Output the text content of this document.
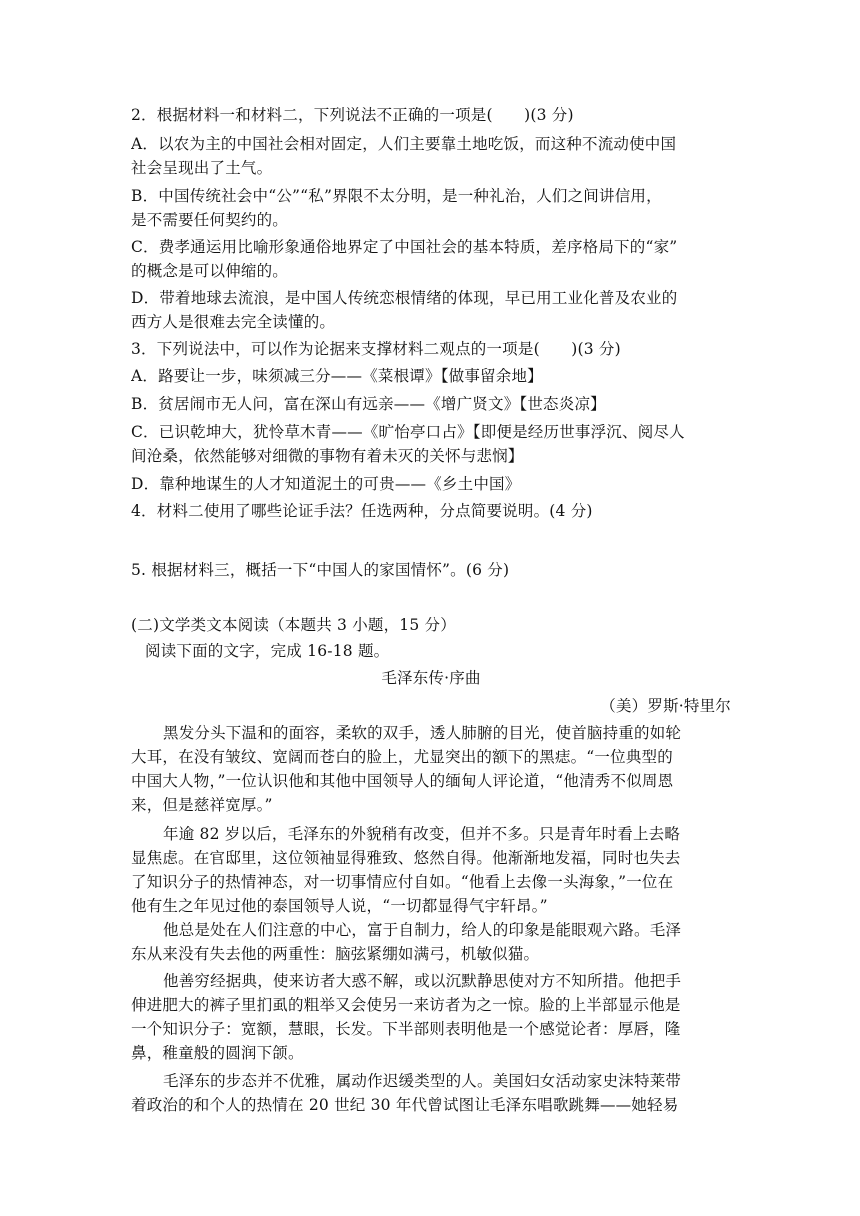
2．根据材料一和材料二，下列说法不正确的一项是(　　)(3 分)
A．以农为主的中国社会相对固定，人们主要靠土地吃饭，而这种不流动使中国
社会呈现出了土气。
B．中国传统社会中“公”“私”界限不太分明，是一种礼治，人们之间讲信用，
是不需要任何契约的。
C．费孝通运用比喻形象通俗地界定了中国社会的基本特质，差序格局下的“家”
的概念是可以伸缩的。
D．带着地球去流浪，是中国人传统恋根情绪的体现，早已用工业化普及农业的
西方人是很难去完全读懂的。
3．下列说法中，可以作为论据来支撑材料二观点的一项是(　　)(3 分)
A．路要让一步，味须减三分——《菜根谭》【做事留余地】
B．贫居闹市无人问，富在深山有远亲——《增广贤文》【世态炎凉】
C．已识乾坤大，犹怜草木青——《旷怡亭口占》【即便是经历世事浮沉、阅尽人
间沧桑，依然能够对细微的事物有着未灭的关怀与悲悯】
D．靠种地谋生的人才知道泥土的可贵——《乡土中国》
4．材料二使用了哪些论证手法？任选两种，分点简要说明。(4 分)
5. 根据材料三，概括一下“中国人的家国情怀”。(6 分)
(二)文学类文本阅读（本题共 3 小题，15 分）
阅读下面的文字，完成 16-18 题。
毛泽东传·序曲
（美）罗斯·特里尔
黑发分头下温和的面容，柔软的双手，透人肺腑的目光，使首脑持重的如轮
大耳，在没有皱纹、宽阔而苍白的脸上，尤显突出的额下的黑痣。“一位典型的
中国大人物，”一位认识他和其他中国领导人的缅甸人评论道，“他清秀不似周恩
来，但是慈祥宽厚。”
年逾 82 岁以后，毛泽东的外貌稍有改变，但并不多。只是青年时看上去略
显焦虑。在官邸里，这位领袖显得雅致、悠然自得。他渐渐地发福，同时也失去
了知识分子的热情神态，对一切事情应付自如。“他看上去像一头海象，”一位在
他有生之年见过他的泰国领导人说，“一切都显得气宇轩昂。”
他总是处在人们注意的中心，富于自制力，给人的印象是能眼观六路。毛泽
东从来没有失去他的两重性：脑弦紧绷如满弓，机敏似猫。
他善穷经据典，使来访者大惑不解，或以沉默静思使对方不知所措。他把手
伸进肥大的裤子里扪虱的粗举又会使另一来访者为之一惊。脸的上半部显示他是
一个知识分子：宽额，慧眼，长发。下半部则表明他是一个感觉论者：厚唇，隆
鼻，稚童般的圆润下颌。
毛泽东的步态并不优雅，属动作迟缓类型的人。美国妇女活动家史沫特莱带
着政治的和个人的热情在 20 世纪 30 年代曾试图让毛泽东唱歌跳舞——她轻易
